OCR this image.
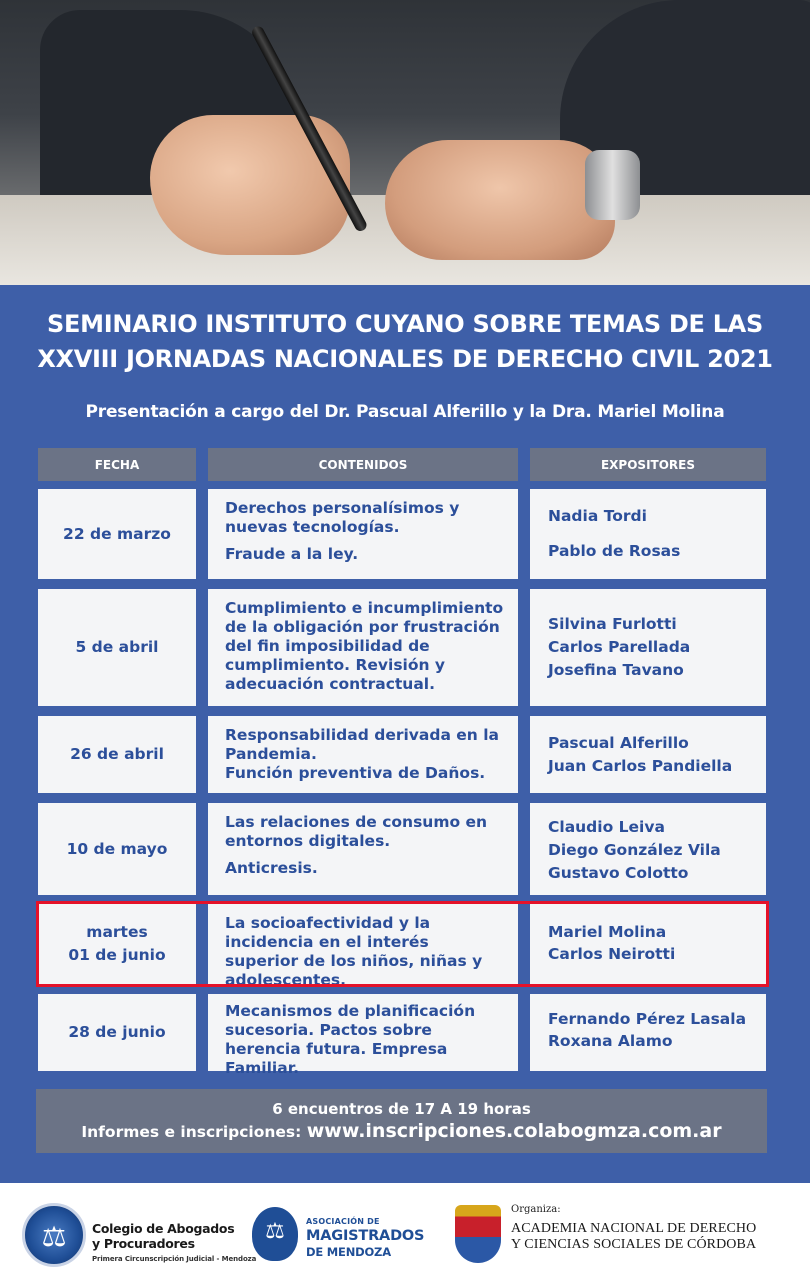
SEMINARIO INSTITUTO CUYANO SOBRE TEMAS DE LAS
XXVIII JORNADAS NACIONALES DE DERECHO CIVIL 2021
Presentación a cargo del Dr. Pascual Alferillo y la Dra. Mariel Molina
FECHA	CONTENIDOS	EXPOSITORES
22 de marzo
Derechos personalísimos y nuevas tecnologías.
Fraude a la ley.
Nadia Tordi
Pablo de Rosas
5 de abril
Cumplimiento e incumplimiento de la obligación por frustración del fin imposibilidad de cumplimiento. Revisión y adecuación contractual.
Silvina Furlotti
Carlos Parellada
Josefina Tavano
26 de abril
Responsabilidad derivada en la Pandemia.
Función preventiva de Daños.
Pascual Alferillo
Juan Carlos Pandiella
10 de mayo
Las relaciones de consumo en entornos digitales.
Anticresis.
Claudio Leiva
Diego González Vila
Gustavo Colotto
martes
01 de junio
La socioafectividad y la incidencia en el interés superior de los niños, niñas y adolescentes.
Mariel Molina
Carlos Neirotti
28 de junio
Mecanismos de planificación sucesoria. Pactos sobre herencia futura. Empresa Familiar.
Fernando Pérez Lasala
Roxana Alamo
6 encuentros de 17 A 19 horas
Informes e inscripciones: www.inscripciones.colabogmza.com.ar
⚖
Colegio de Abogados y Procuradores
Primera Circunscripción Judicial - Mendoza
⚖
ASOCIACIÓN DE
MAGISTRADOS
DE MENDOZA
Organiza:
ACADEMIA NACIONAL DE DERECHO
Y CIENCIAS SOCIALES DE CÓRDOBA
